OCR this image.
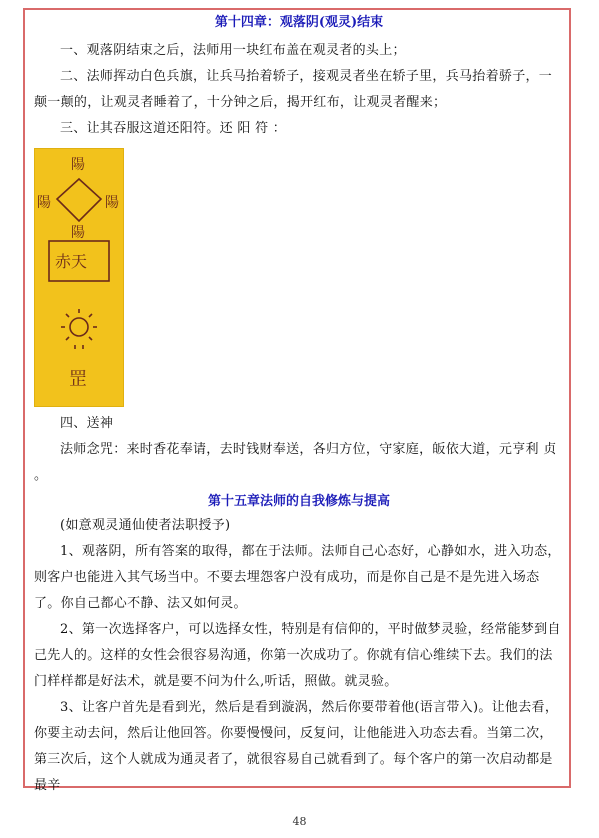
第十四章：观落阴(观灵)结束

一、观落阴结束之后，法师用一块红布盖在观灵者的头上；

二、法师挥动白色兵旗，让兵马抬着轿子，接观灵者坐在轿子里，兵马抬着骄子，一颠一颠的，让观灵者睡着了，十分钟之后，揭开红布，让观灵者醒来；

三、让其吞服这道还阳符。还 阳 符 ：

陽
陽	陽
陽
赤天
罡

四、送神

法师念咒：来时香花奉请，去时钱财奉送，各归方位，守家庭，皈依大道，元亨利 贞

。

第十五章法师的自我修炼与提高

(如意观灵通仙使者法职授予)

1、观落阴，所有答案的取得，都在于法师。法师自己心态好，心静如水，进入功态，则客户也能进入其气场当中。不要去埋怨客户没有成功，而是你自己是不是先进入场态了。你自己都心不静、法又如何灵。

2、第一次选择客户，可以选择女性，特别是有信仰的，平时做梦灵验，经常能梦到自己先人的。这样的女性会很容易沟通，你第一次成功了。你就有信心维续下去。我们的法门样样都是好法术，就是要不问为什么,听话，照做。就灵验。

3、让客户首先是看到光，然后是看到漩涡，然后你要带着他(语言带入)。让他去看，你要主动去问，然后让他回答。你要慢慢问，反复问，让他能进入功态去看。当第二次，第三次后，这个人就成为通灵者了，就很容易自己就看到了。每个客户的第一次启动都是最辛

48
